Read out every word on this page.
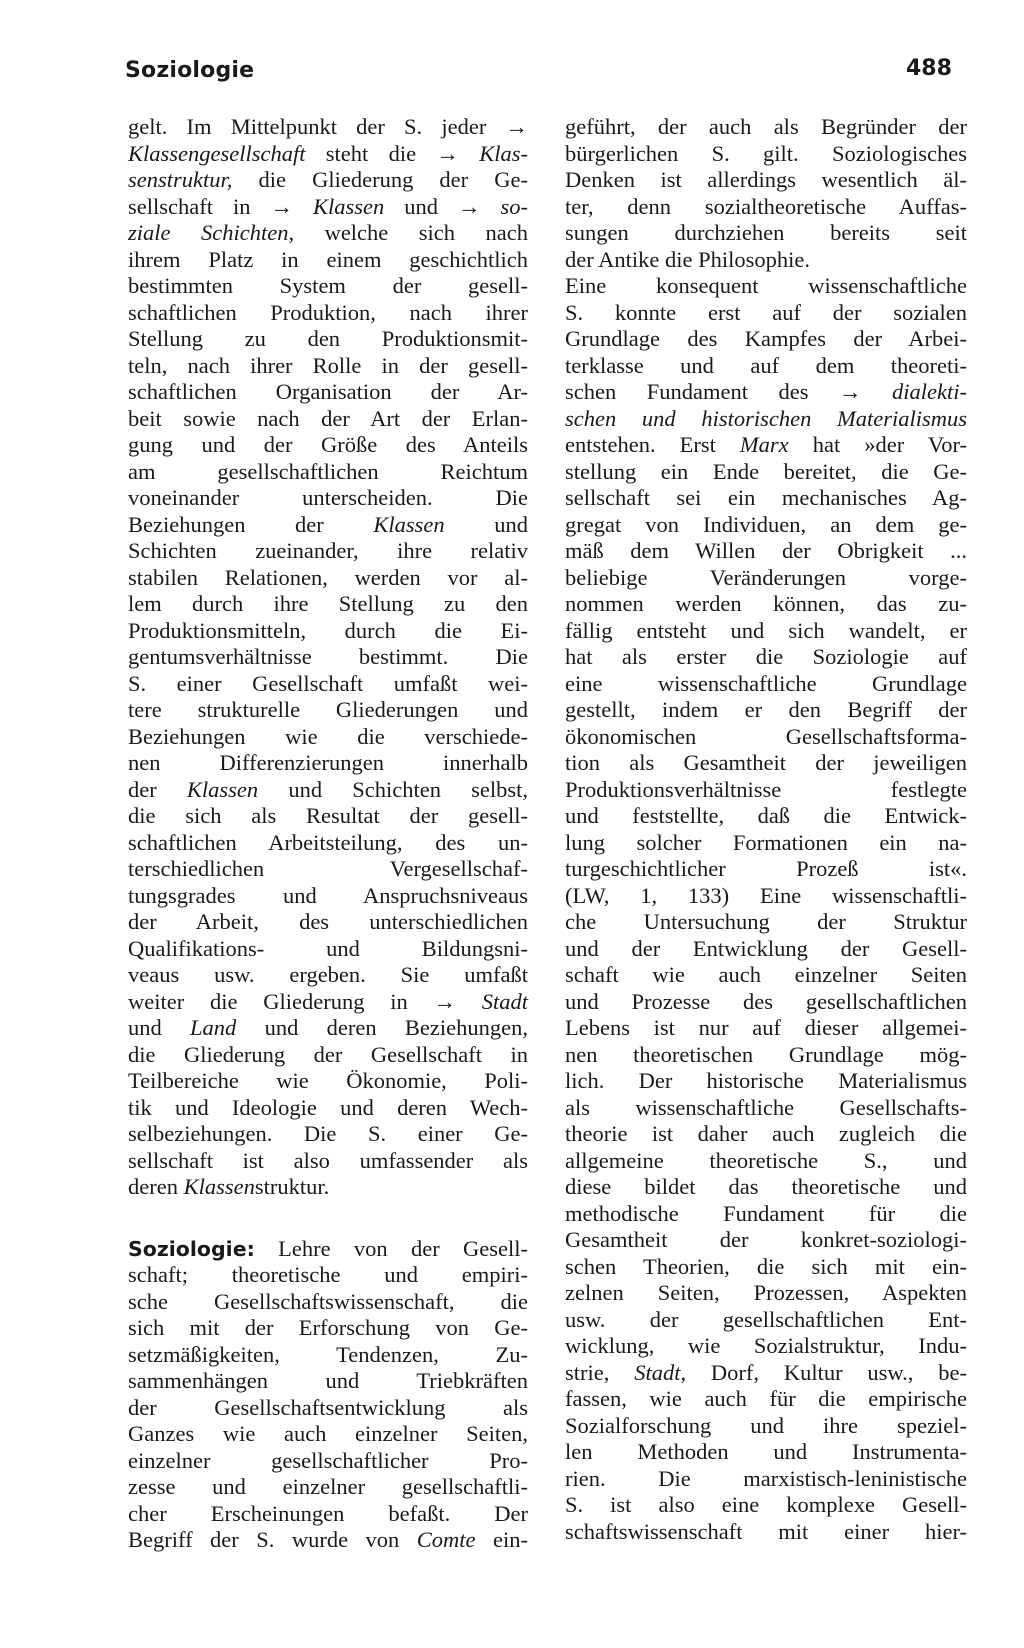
Soziologie	488
gelt. Im Mittelpunkt der S. jeder →
Klassengesellschaft steht die → Klas-
senstruktur, die Gliederung der Ge-
sellschaft in → Klassen und → so-
ziale Schichten, welche sich nach
ihrem Platz in einem geschichtlich
bestimmten System der gesell-
schaftlichen Produktion, nach ihrer
Stellung zu den Produktionsmit-
teln, nach ihrer Rolle in der gesell-
schaftlichen Organisation der Ar-
beit sowie nach der Art der Erlan-
gung und der Größe des Anteils
am gesellschaftlichen Reichtum
voneinander unterscheiden. Die
Beziehungen der Klassen und
Schichten zueinander, ihre relativ
stabilen Relationen, werden vor al-
lem durch ihre Stellung zu den
Produktionsmitteln, durch die Ei-
gentumsverhältnisse bestimmt. Die
S. einer Gesellschaft umfaßt wei-
tere strukturelle Gliederungen und
Beziehungen wie die verschiede-
nen Differenzierungen innerhalb
der Klassen und Schichten selbst,
die sich als Resultat der gesell-
schaftlichen Arbeitsteilung, des un-
terschiedlichen Vergesellschaf-
tungsgrades und Anspruchsniveaus
der Arbeit, des unterschiedlichen
Qualifikations- und Bildungsni-
veaus usw. ergeben. Sie umfaßt
weiter die Gliederung in → Stadt
und Land und deren Beziehungen,
die Gliederung der Gesellschaft in
Teilbereiche wie Ökonomie, Poli-
tik und Ideologie und deren Wech-
selbeziehungen. Die S. einer Ge-
sellschaft ist also umfassender als
deren Klassenstruktur.
Soziologie: Lehre von der Gesell-
schaft; theoretische und empiri-
sche Gesellschaftswissenschaft, die
sich mit der Erforschung von Ge-
setzmäßigkeiten, Tendenzen, Zu-
sammenhängen und Triebkräften
der Gesellschaftsentwicklung als
Ganzes wie auch einzelner Seiten,
einzelner gesellschaftlicher Pro-
zesse und einzelner gesellschaftli-
cher Erscheinungen befaßt. Der
Begriff der S. wurde von Comte ein-
geführt, der auch als Begründer der
bürgerlichen S. gilt. Soziologisches
Denken ist allerdings wesentlich äl-
ter, denn sozialtheoretische Auffas-
sungen durchziehen bereits seit
der Antike die Philosophie.
Eine konsequent wissenschaftliche
S. konnte erst auf der sozialen
Grundlage des Kampfes der Arbei-
terklasse und auf dem theoreti-
schen Fundament des → dialekti-
schen und historischen Materialismus
entstehen. Erst Marx hat »der Vor-
stellung ein Ende bereitet, die Ge-
sellschaft sei ein mechanisches Ag-
gregat von Individuen, an dem ge-
mäß dem Willen der Obrigkeit ...
beliebige Veränderungen vorge-
nommen werden können, das zu-
fällig entsteht und sich wandelt, er
hat als erster die Soziologie auf
eine wissenschaftliche Grundlage
gestellt, indem er den Begriff der
ökonomischen Gesellschaftsforma-
tion als Gesamtheit der jeweiligen
Produktionsverhältnisse festlegte
und feststellte, daß die Entwick-
lung solcher Formationen ein na-
turgeschichtlicher Prozeß ist«.
(LW, 1, 133) Eine wissenschaftli-
che Untersuchung der Struktur
und der Entwicklung der Gesell-
schaft wie auch einzelner Seiten
und Prozesse des gesellschaftlichen
Lebens ist nur auf dieser allgemei-
nen theoretischen Grundlage mög-
lich. Der historische Materialismus
als wissenschaftliche Gesellschafts-
theorie ist daher auch zugleich die
allgemeine theoretische S., und
diese bildet das theoretische und
methodische Fundament für die
Gesamtheit der konkret-soziologi-
schen Theorien, die sich mit ein-
zelnen Seiten, Prozessen, Aspekten
usw. der gesellschaftlichen Ent-
wicklung, wie Sozialstruktur, Indu-
strie, Stadt, Dorf, Kultur usw., be-
fassen, wie auch für die empirische
Sozialforschung und ihre speziel-
len Methoden und Instrumenta-
rien. Die marxistisch-leninistische
S. ist also eine komplexe Gesell-
schaftswissenschaft mit einer hier-
